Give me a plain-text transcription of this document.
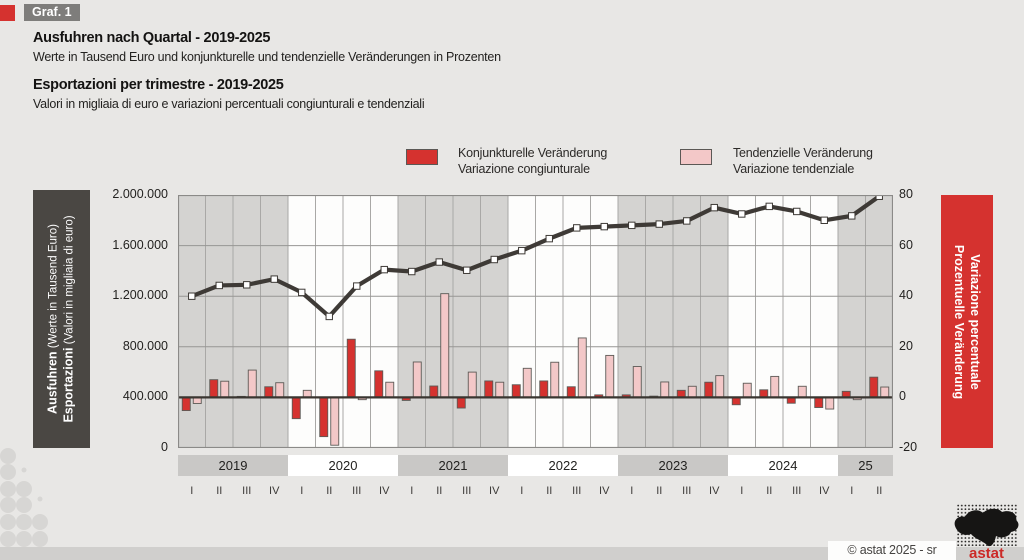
Graf. 1
Ausfuhren nach Quartal - 2019-2025
Werte in Tausend Euro und konjunkturelle und tendenzielle Veränderungen in Prozenten
Esportazioni per trimestre - 2019-2025
Valori in migliaia di euro e variazioni percentuali congiunturali e tendenziali
Konjunkturelle Veränderung
Variazione congiunturale
Tendenzielle Veränderung
Variazione tendenziale
Ausfuhren (Werte in Tausend Euro)
Esportazioni (Valori in migliaia di euro)	Prozentuelle Veränderung Variazione percentuale
2.000.000
1.600.000
1.200.000
800.000
400.000
0
80
60
40
20
0
-20
2019	2020	2021	2022	2023	2024	25
I	II	III	IV	I	II	III	IV	I	II	III	IV	I	II	III	IV	I	II	III	IV	I	II	III	IV	I	II
© astat 2025 - sr	astat
